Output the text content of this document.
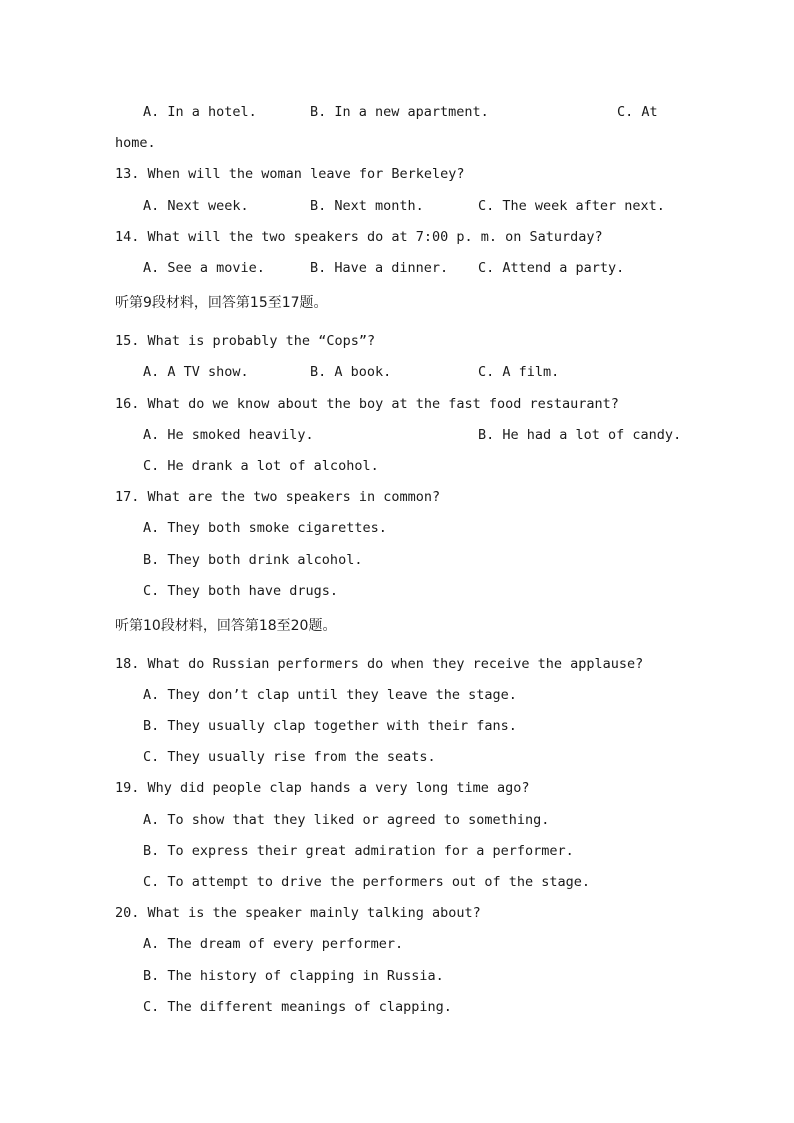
A. In a hotel.	B. In a new apartment.	C. At
home.
13. When will the woman leave for Berkeley?
A. Next week.	B. Next month.	C. The week after next.
14. What will the two speakers do at 7:00 p. m. on Saturday?
A. See a movie.	B. Have a dinner. C. Attend a party.
听第9段材料，回答第15至17题。
15. What is probably the “Cops”?
A. A TV show.	B. A book.	C. A film.
16. What do we know about the boy at the fast food restaurant?
A. He smoked heavily.	B. He had a lot of candy.
C. He drank a lot of alcohol.
17. What are the two speakers in common?
A. They both smoke cigarettes.
B. They both drink alcohol.
C. They both have drugs.
听第10段材料，回答第18至20题。
18. What do Russian performers do when they receive the applause?
A. They don’t clap until they leave the stage.
B. They usually clap together with their fans.
C. They usually rise from the seats.
19. Why did people clap hands a very long time ago?
A. To show that they liked or agreed to something.
B. To express their great admiration for a performer.
C. To attempt to drive the performers out of the stage.
20. What is the speaker mainly talking about?
A. The dream of every performer.
B. The history of clapping in Russia.
C. The different meanings of clapping.
